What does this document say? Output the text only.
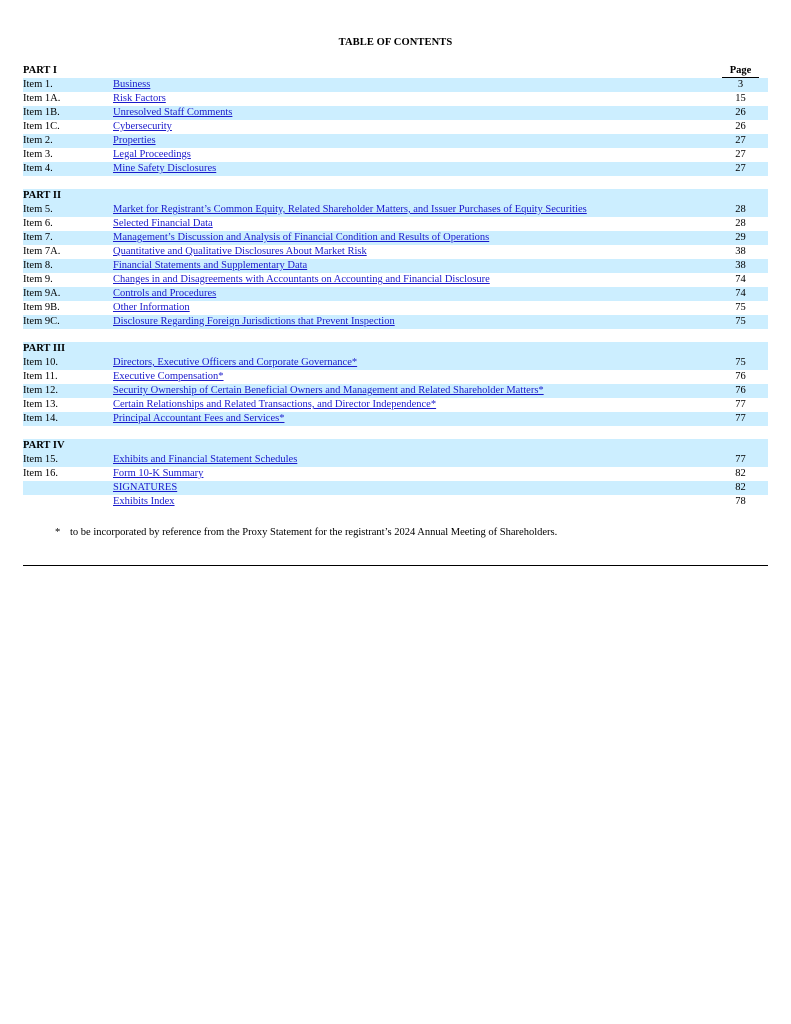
TABLE OF CONTENTS
PART I		Page
Item 1.	Business	3
Item 1A.	Risk Factors	15
Item 1B.	Unresolved Staff Comments	26
Item 1C.	Cybersecurity	26
Item 2.	Properties	27
Item 3.	Legal Proceedings	27
Item 4.	Mine Safety Disclosures	27

PART II		
Item 5.	Market for Registrant’s Common Equity, Related Shareholder Matters, and Issuer Purchases of Equity Securities	28
Item 6.	Selected Financial Data	28
Item 7.	Management’s Discussion and Analysis of Financial Condition and Results of Operations	29
Item 7A.	Quantitative and Qualitative Disclosures About Market Risk	38
Item 8.	Financial Statements and Supplementary Data	38
Item 9.	Changes in and Disagreements with Accountants on Accounting and Financial Disclosure	74
Item 9A.	Controls and Procedures	74
Item 9B.	Other Information	75
Item 9C.	Disclosure Regarding Foreign Jurisdictions that Prevent Inspection	75

PART III		
Item 10.	Directors, Executive Officers and Corporate Governance*	75
Item 11.	Executive Compensation*	76
Item 12.	Security Ownership of Certain Beneficial Owners and Management and Related Shareholder Matters*	76
Item 13.	Certain Relationships and Related Transactions, and Director Independence*	77
Item 14.	Principal Accountant Fees and Services*	77

PART IV		
Item 15.	Exhibits and Financial Statement Schedules	77
Item 16.	Form 10-K Summary	82
	SIGNATURES	82
	Exhibits Index	78
* to be incorporated by reference from the Proxy Statement for the registrant’s 2024 Annual Meeting of Shareholders.
